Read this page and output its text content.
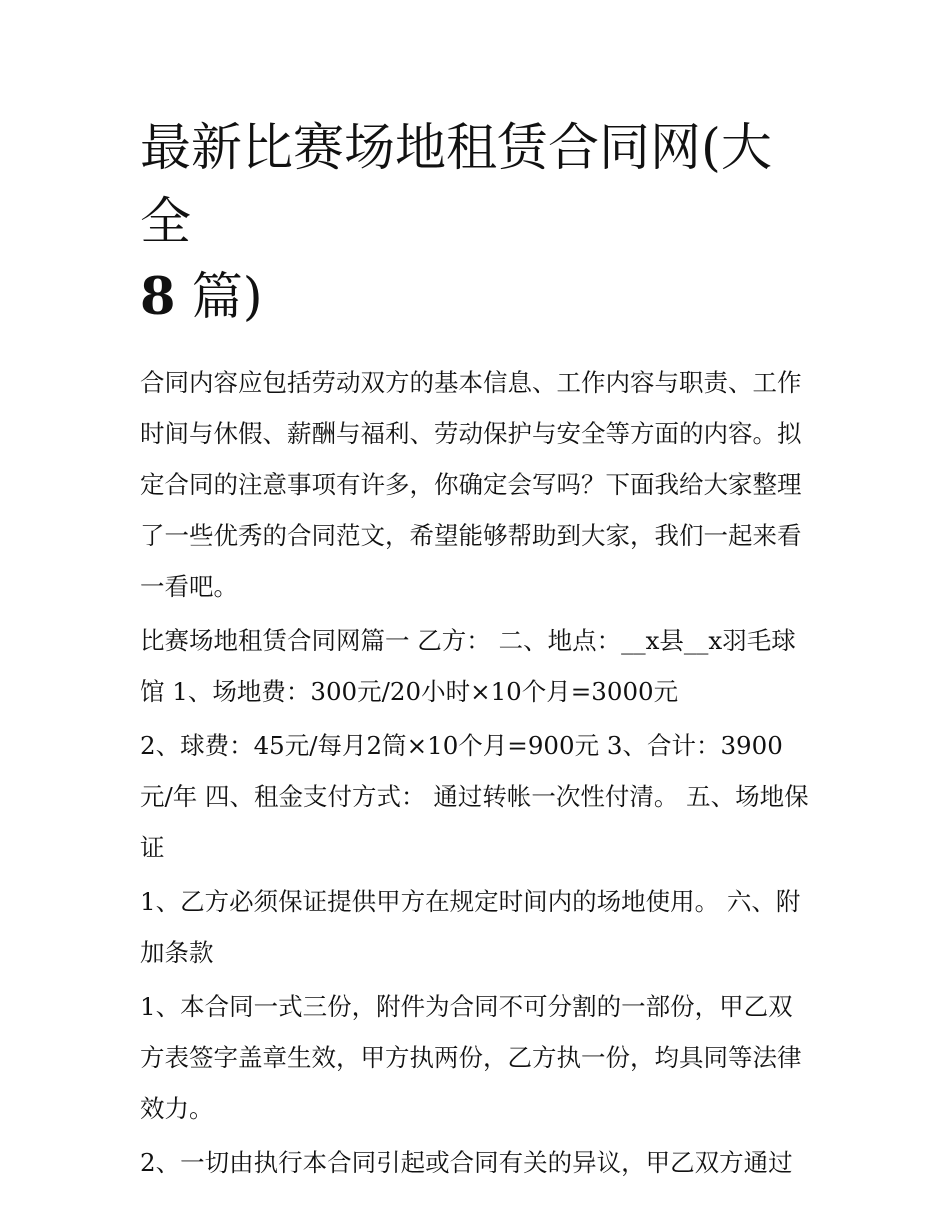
最新比赛场地租赁合同网(大全
8 篇)

合同内容应包括劳动双方的基本信息、工作内容与职责、工作时间与休假、薪酬与福利、劳动保护与安全等方面的内容。拟定合同的注意事项有许多，你确定会写吗？下面我给大家整理了一些优秀的合同范文，希望能够帮助到大家，我们一起来看一看吧。

比赛场地租赁合同网篇一 乙方： 二、地点：__x县__x羽毛球馆 1、场地费：300元/20小时×10个月=3000元

2、球费：45元/每月2筒×10个月=900元 3、合计：3900元/年 四、租金支付方式： 通过转帐一次性付清。 五、场地保证

1、乙方必须保证提供甲方在规定时间内的场地使用。 六、附加条款

1、本合同一式三份，附件为合同不可分割的一部份，甲乙双方表签字盖章生效，甲方执两份，乙方执一份，均具同等法律效力。

2、一切由执行本合同引起或合同有关的异议，甲乙双方通过
